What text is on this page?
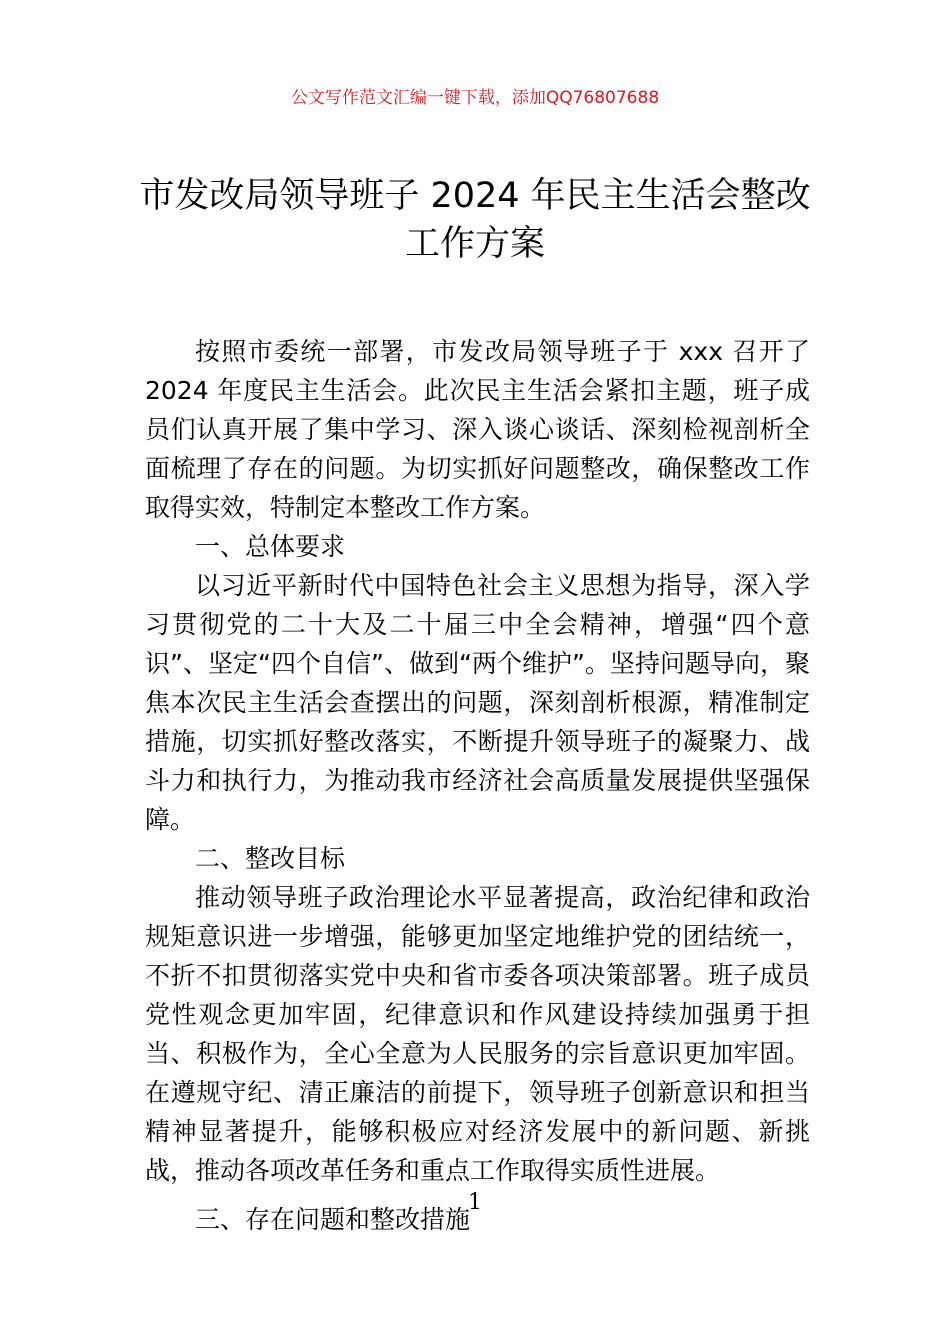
公文写作范文汇编一键下载，添加QQ76807688
市发改局领导班子 2024 年民主生活会整改
工作方案

按照市委统一部署，市发改局领导班子于 xxx 召开了 2024 年度民主生活会。此次民主生活会紧扣主题，班子成员们认真开展了集中学习、深入谈心谈话、深刻检视剖析全面梳理了存在的问题。为切实抓好问题整改，确保整改工作取得实效，特制定本整改工作方案。

一、总体要求

以习近平新时代中国特色社会主义思想为指导，深入学习贯彻党的二十大及二十届三中全会精神，增强“四个意识”、坚定“四个自信”、做到“两个维护”。坚持问题导向，聚焦本次民主生活会查摆出的问题，深刻剖析根源，精准制定措施，切实抓好整改落实，不断提升领导班子的凝聚力、战斗力和执行力，为推动我市经济社会高质量发展提供坚强保障。

二、整改目标

推动领导班子政治理论水平显著提高，政治纪律和政治规矩意识进一步增强，能够更加坚定地维护党的团结统一，不折不扣贯彻落实党中央和省市委各项决策部署。班子成员党性观念更加牢固，纪律意识和作风建设持续加强勇于担当、积极作为，全心全意为人民服务的宗旨意识更加牢固。在遵规守纪、清正廉洁的前提下，领导班子创新意识和担当精神显著提升，能够积极应对经济发展中的新问题、新挑战，推动各项改革任务和重点工作取得实质性进展。

三、存在问题和整改措施

1
